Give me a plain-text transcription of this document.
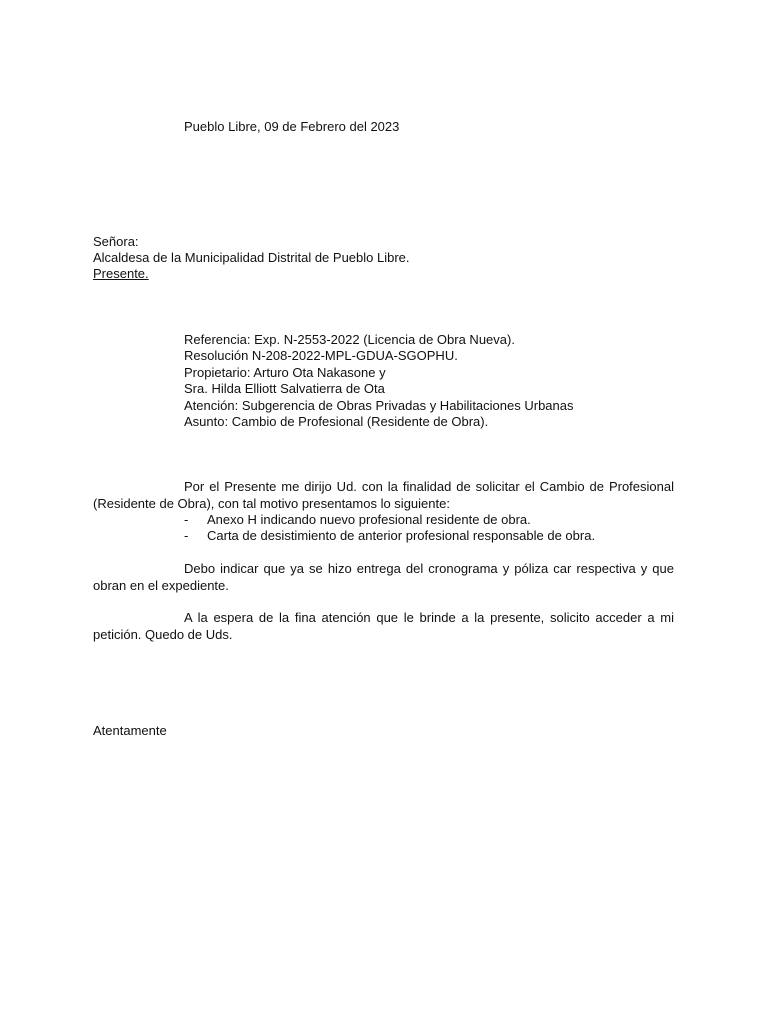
Pueblo Libre, 09 de Febrero del 2023
Señora:
Alcaldesa de la Municipalidad Distrital de Pueblo Libre.
Presente.
Referencia: Exp. N-2553-2022 (Licencia de Obra Nueva).
Resolución N-208-2022-MPL-GDUA-SGOPHU.
Propietario: Arturo Ota Nakasone y
Sra. Hilda Elliott Salvatierra de Ota
Atención: Subgerencia de Obras Privadas y Habilitaciones Urbanas
Asunto: Cambio de Profesional (Residente de Obra).
Por el Presente me dirijo Ud. con la finalidad de solicitar el Cambio de Profesional (Residente de Obra), con tal motivo presentamos lo siguiente:
- Anexo H indicando nuevo profesional residente de obra.
- Carta de desistimiento de anterior profesional responsable de obra.
Debo indicar que ya se hizo entrega del cronograma y póliza car respectiva y que obran en el expediente.
A la espera de la fina atención que le brinde a la presente, solicito acceder a mi petición. Quedo de Uds.
Atentamente
